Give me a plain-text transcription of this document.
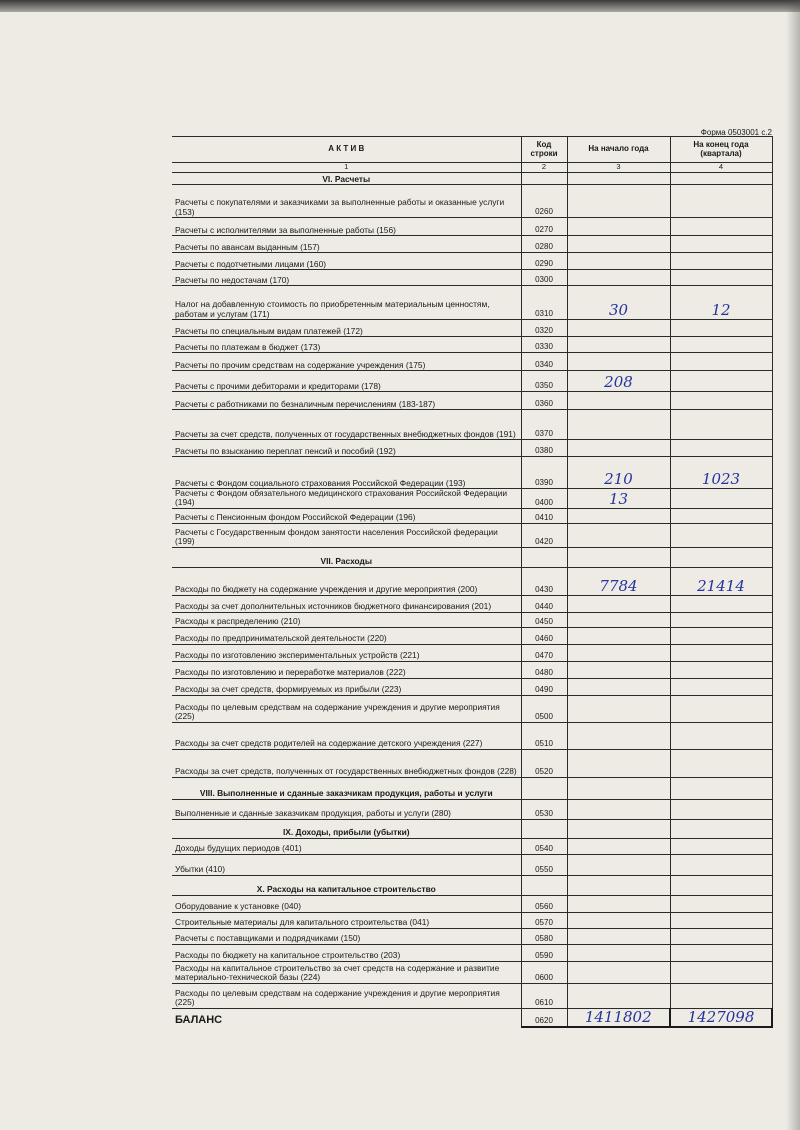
Форма 0503001 с.2
А К Т И В	Код строки	На начало года	На конец года (квартала)
1	2	3	4
VI. Расчеты			
Расчеты с покупателями и заказчиками за выполненные работы и оказанные услуги (153)	0260		
Расчеты с исполнителями за выполненные работы (156)	0270		
Расчеты по авансам выданным (157)	0280		
Расчеты с подотчетными лицами (160)	0290		
Расчеты по недостачам (170)	0300		
Налог на добавленную стоимость по приобретенным материальным ценностям, работам и услугам (171)	0310	30	12
Расчеты по специальным видам платежей (172)	0320		
Расчеты по платежам в бюджет (173)	0330		
Расчеты по прочим средствам на содержание учреждения (175)	0340		
Расчеты с прочими дебиторами и кредиторами (178)	0350	208	
Расчеты с работниками по безналичным перечислениям (183-187)	0360		
Расчеты за счет средств, полученных от государственных внебюджетных фондов (191)	0370		
Расчеты по взысканию переплат пенсий и пособий (192)	0380		
Расчеты с Фондом социального страхования Российской Федерации (193)	0390	210	1023
Расчеты с Фондом обязательного медицинского страхования Российской Федерации (194)	0400	13	
Расчеты с Пенсионным фондом Российской Федерации (196)	0410		
Расчеты с Государственным фондом занятости населения Российской федерации (199)	0420		
VII. Расходы			
Расходы по бюджету на содержание учреждения и другие мероприятия (200)	0430	7784	21414
Расходы за счет дополнительных источников бюджетного финансирования (201)	0440		
Расходы к распределению (210)	0450		
Расходы по предпринимательской деятельности (220)	0460		
Расходы по изготовлению экспериментальных устройств (221)	0470		
Расходы по изготовлению и переработке материалов (222)	0480		
Расходы за счет средств, формируемых из прибыли (223)	0490		
Расходы по целевым средствам на содержание учреждения и другие мероприятия (225)	0500		
Расходы за счет средств родителей на содержание детского учреждения (227)	0510		
Расходы за счет средств, полученных от государственных внебюджетных фондов (228)	0520		
VIII. Выполненные и сданные заказчикам продукция, работы и услуги			
Выполненные и сданные заказчикам продукция, работы и услуги (280)	0530		
IX. Доходы, прибыли (убытки)			
Доходы будущих периодов (401)	0540		
Убытки (410)	0550		
X. Расходы на капитальное строительство			
Оборудование к установке (040)	0560		
Строительные материалы для капитального строительства (041)	0570		
Расчеты с поставщиками и подрядчиками (150)	0580		
Расходы по бюджету на капитальное строительство (203)	0590		
Расходы на капитальное строительство за счет средств на содержание и развитие материально-технической базы (224)	0600		
Расходы по целевым средствам на содержание учреждения и другие мероприятия (225)	0610		
БАЛАНС	0620	1411802	1427098
